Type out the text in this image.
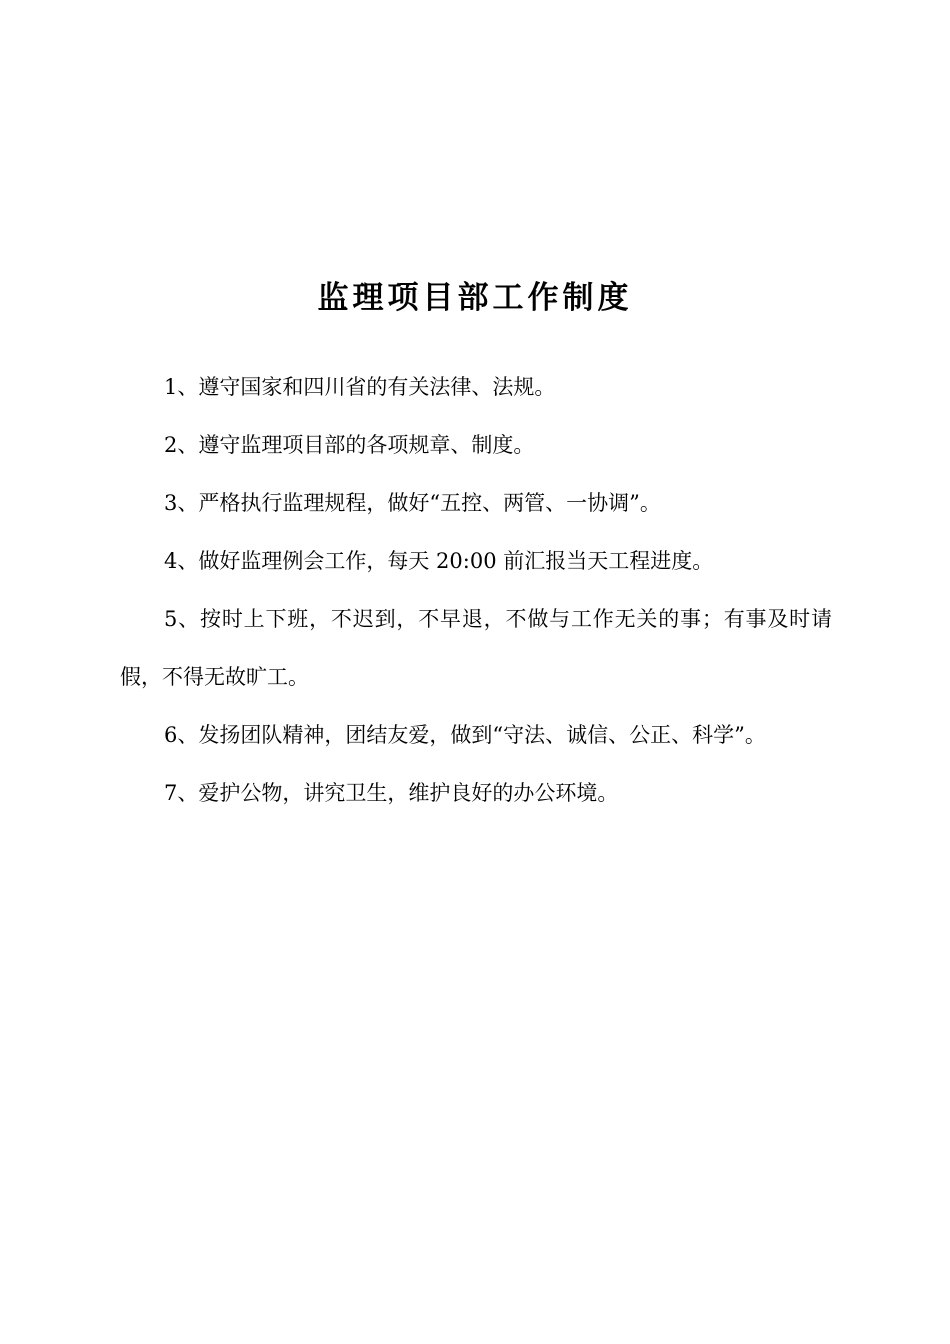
监理项目部工作制度
1、遵守国家和四川省的有关法律、法规。
2、遵守监理项目部的各项规章、制度。
3、严格执行监理规程，做好“五控、两管、一协调”。
4、做好监理例会工作，每天 20:00 前汇报当天工程进度。
5、按时上下班，不迟到，不早退，不做与工作无关的事；有事及时请假，不得无故旷工。
6、发扬团队精神，团结友爱，做到“守法、诚信、公正、科学”。
7、爱护公物，讲究卫生，维护良好的办公环境。
